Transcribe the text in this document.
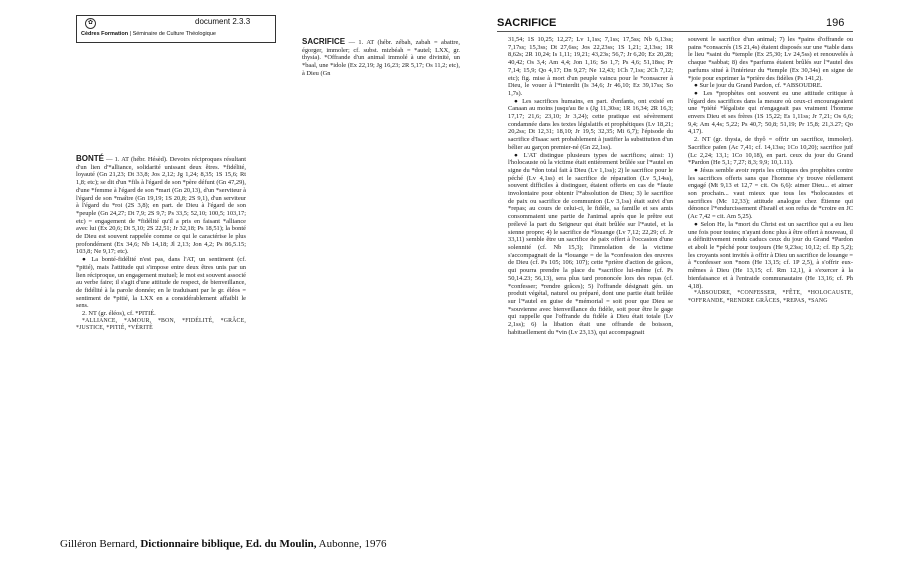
✿	document 2.3.3
Cèdres Formation | Séminaire de Culture Théologique

SACRIFICE — 1. AT (hébr. zébah, zabah = abattre, égorger, immoler; cf. subst. mizbéah = *autel; LXX, gr. thysia). *Offrande d'un animal immolé à une divinité, un *baal, une *idole (Ex 22,19; Jg 16,23; 2R 5,17; Os 11,2; etc), à Dieu (Gn

BONTÉ — 1. AT (hébr. Hésèd). Devoirs réciproques résultant d'un lien d'*alliance, solidarité unissant deux êtres. *fidélité, loyauté (Gn 21,23; Dt 33,8; Jos 2,12; Jg 1,24; 8,35; 1S 15,6; Rt 1,8; etc); se dit d'un *fils à l'égard de son *père défunt (Gn 47,29), d'une *femme à l'égard de son *mari (Gn 20,13), d'un *serviteur à l'égard de son *maître (Gn 19,19; 1S 20,8; 2S 9,1), d'un serviteur à l'égard du *roi (2S 3,8); en part. de Dieu à l'égard de son *peuple (Gn 24,27; Dt 7,9; 2S 9,7; Ps 33,5; 52,10; 100,5; 103,17; etc) = engagement de *fidélité qu'il a pris en faisant *alliance avec lui (Ex 20,6; Dt 5,10; 2S 22,51; Jr 32,18; Ps 18,51); la bonté de Dieu est souvent rappelée comme ce qui le caractérise le plus profondément (Ex 34,6; Nb 14,18; Jl 2,13; Jon 4,2; Ps 86,5.15; 103,8; Ne 9,17; etc).

● La bonté-fidélité n'est pas, dans l'AT, un sentiment (cf. *pitié), mais l'attitude qui s'impose entre deux êtres unis par un lien réciproque, un engagement mutuel; le mot est souvent associé au verbe faire; il s'agit d'une attitude de respect, de bienveillance, de fidélité à la parole donnée; en le traduisant par le gr. éléos = sentiment de *pitié, la LXX en a considérablement affaibli le sens.

2. NT (gr. éléos), cf. *PITIÉ.

*ALLIANCE, *AMOUR, *BON, *FIDÉLITÉ, *GRÂCE, *JUSTICE, *PITIÉ, *VÉRITÉ

SACRIFICE	196

31,54; 1S 10,25; 12,27; Lv 1,1ss; 7,1ss; 17,5ss; Nb 6,13ss; 7,17ss; 15,3ss; Dt 27,6ss; Jos 22,23ss; 1S 1,21; 2,13ss; 1R 8,62s; 2R 10,24; Is 1,11; 19,21; 43,23s; 56,7; Jr 6,20; Ez 20,28; 40,42; Os 3,4; Am 4,4; Jon 1,16; So 1,7; Ps 4,6; 51,18ss; Pr 7,14; 15,9; Qo 4,17; Dn 9,27; Ne 12,43; 1Ch 7,1ss; 2Ch 7,12; etc); fig. mise à mort d'un peuple vaincu pour le *consacrer à Dieu, le vouer à l'*interdit (Is 34,6; Jr 46,10; Ez 39,17ss; So 1,7s).

● Les sacrifices humains, en part. d'enfants, ont existé en Canaan au moins jusqu'au 8e s (Jg 11,30ss; 1R 16,34; 2R 16,3; 17,17; 21,6; 23,10; Jr 3,24); cette pratique est sévèrement condamnée dans les textes législatifs et prophétiques (Lv 18,21; 20,2ss; Dt 12,31; 18,10; Jr 19,5; 32,35; Mi 6,7); l'épisode du sacrifice d'Isaac sert probablement à justifier la substitution d'un bélier au garçon premier-né (Gn 22,1ss).

● L'AT distingue plusieurs types de sacrifices; ainsi: 1) l'holocauste où la victime était entièrement brûlée sur l'*autel en signe du *don total fait à Dieu (Lv 1,1ss); 2) le sacrifice pour le péché (Lv 4,1ss) et le sacrifice de réparation (Lv 5,14ss), souvent difficiles à distinguer, étaient offerts en cas de *faute involontaire pour obtenir l'*absolution de Dieu; 3) le sacrifice de paix ou sacrifice de communion (Lv 3,1ss) était suivi d'un *repas; au cours de celui-ci, le fidèle, sa famille et ses amis consommaient une partie de l'animal après que le prêtre eut prélevé la part du Seigneur qui était brûlée sur l'*autel, et la sienne propre; 4) le sacrifice de *louange (Lv 7,12; 22,29; cf. Jr 33,11) semble être un sacrifice de paix offert à l'occasion d'une solennité (cf. Nb 15,3); l'immolation de la victime s'accompagnait de la *louange = de la *confession des œuvres de Dieu (cf. Ps 105; 106; 107); cette *prière d'action de grâces, qui pourra prendre la place du *sacrifice lui-même (cf. Ps 50,14.23; 56,13), sera plus tard prononcée lors des repas (cf. *confesser; *rendre grâces); 5) l'offrande désignait gén. un produit végétal, naturel ou préparé, dont une partie était brûlée sur l'*autel en guise de *mémorial = soit pour que Dieu se *souvienne avec bienveillance du fidèle, soit pour être le gage qui rappelle que l'offrande du fidèle à Dieu était totale (Lv 2,1ss); 6) la libation était une offrande de boisson, habituellement du *vin (Lv 23,13), qui accompagnait

souvent le sacrifice d'un animal; 7) les *pains d'offrande ou pains *consacrés (1S 21,4s) étaient disposés sur une *table dans le lieu *saint du *temple (Ex 25,30; Lv 24,5ss) et renouvelés à chaque *sabbat; 8) des *parfums étaient brûlés sur l'*autel des parfums situé à l'intérieur du *temple (Ex 30,34s) en signe de *joie pour exprimer la *prière des fidèles (Ps 141,2).

● Sur le jour du Grand Pardon, cf. *ABSOUDRE.

● Les *prophètes ont souvent eu une attitude critique à l'égard des sacrifices dans la mesure où ceux-ci encourageaient une *piété *légaliste qui n'engageait pas vraiment l'homme envers Dieu et ses frères (1S 15,22; Es 1,11ss; Jr 7,21; Os 6,6; 9,4; Am 4,4s; 5,22; Ps 40,7; 50,8; 51,19; Pr 15,8; 21,3.27; Qo 4,17).

2. NT (gr. thysia, de thyô = offrir un sacrifice, immoler). Sacrifice païen (Ac 7,41; cf. 14,13ss; 1Co 10,20); sacrifice juif (Lc 2,24; 13,1; 1Co 10,18), en part. ceux du jour du Grand *Pardon (He 5,1; 7,27; 8,3; 9,9; 10,1.11).

● Jésus semble avoir repris les critiques des prophètes contre les sacrifices offerts sans que l'homme s'y trouve réellement engagé (Mt 9,13 et 12,7 = cit. Os 6,6): aimer Dieu... et aimer son prochain... vaut mieux que tous les *holocaustes et sacrifices (Mc 12,33); attitude analogue chez Étienne qui dénonce l'*endurcissement d'Israël et son refus de *croire en JC (Ac 7,42 = cit. Am 5,25).

● Selon He, la *mort du Christ est un sacrifice qui a eu lieu une fois pour toutes; n'ayant donc plus à être offert à nouveau, il a définitivement rendu caducs ceux du jour du Grand *Pardon et aboli le *péché pour toujours (He 9,23ss; 10,12; cf. Ep 5,2); les croyants sont invités à offrir à Dieu un sacrifice de louange = à *confesser son *nom (He 13,15; cf. 1P 2,5), à s'offrir eux-mêmes à Dieu (He 13,15; cf. Rm 12,1), à s'exercer à la bienfaisance et à l'entraide communautaire (He 13,16; cf. Ph 4,18).

*ABSOUDRE, *CONFESSER, *FÊTE, *HOLOCAUSTE, *OFFRANDE, *RENDRE GRÂCES, *REPAS, *SANG

Gilléron Bernard, Dictionnaire biblique, Ed. du Moulin, Aubonne, 1976
